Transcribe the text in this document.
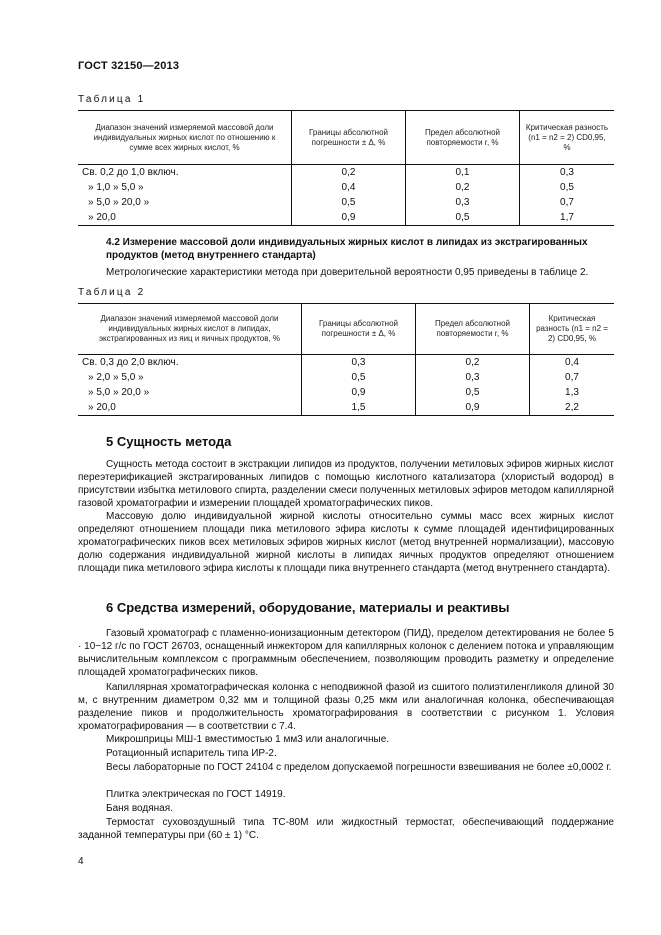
ГОСТ 32150—2013
Таблица 1
Диапазон значений измеряемой массовой доли индивидуальных жирных кислот по отношению к сумме всех жирных кислот, %	Границы абсолютной погрешности ± Δ, %	Предел абсолютной повторяемости r, %	Критическая разность (n1 = n2 = 2) CD0,95, %
Св. 0,2 до 1,0 включ.	0,2	0,1	0,3
» 1,0 » 5,0 »	0,4	0,2	0,5
» 5,0 » 20,0 »	0,5	0,3	0,7
» 20,0	0,9	0,5	1,7

4.2 Измерение массовой доли индивидуальных жирных кислот в липидах из экстрагированных продуктов (метод внутреннего стандарта)

Метрологические характеристики метода при доверительной вероятности 0,95 приведены в таблице 2.

Таблица 2
Диапазон значений измеряемой массовой доли индивидуальных жирных кислот в липидах, экстрагированных из яиц и яичных продуктов, %	Границы абсолютной погрешности ± Δ, %	Предел абсолютной повторяемости r, %	Критическая разность (n1 = n2 = 2) CD0,95, %
Св. 0,3 до 2,0 включ.	0,3	0,2	0,4
» 2,0 » 5,0 »	0,5	0,3	0,7
» 5,0 » 20,0 »	0,9	0,5	1,3
» 20,0	1,5	0,9	2,2
5 Сущность метода

Сущность метода состоит в экстракции липидов из продуктов, получении метиловых эфиров жирных кислот переэтерификацией экстрагированных липидов с помощью кислотного катализатора (хлористый водород) в присутствии избытка метилового спирта, разделении смеси полученных метиловых эфиров методом капиллярной газовой хроматографии и измерении площадей хроматографических пиков.

Массовую долю индивидуальной жирной кислоты относительно суммы масс всех жирных кислот определяют отношением площади пика метилового эфира кислоты к сумме площадей идентифицированных хроматографических пиков всех метиловых эфиров жирных кислот (метод внутренней нормализации), массовую долю содержания индивидуальной жирной кислоты в липидах яичных продуктов определяют отношением площади пика метилового эфира кислоты к площади пика внутреннего стандарта (метод внутреннего стандарта).

6 Средства измерений, оборудование, материалы и реактивы

Газовый хроматограф с пламенно-ионизационным детектором (ПИД), пределом детектирования не более 5 · 10−12 г/с по ГОСТ 26703, оснащенный инжектором для капиллярных колонок с делением потока и управляющим вычислительным комплексом с программным обеспечением, позволяющим проводить разметку и определение площадей хроматографических пиков.

Капиллярная хроматографическая колонка с неподвижной фазой из сшитого полиэтиленгликоля длиной 30 м, с внутренним диаметром 0,32 мм и толщиной фазы 0,25 мкм или аналогичная колонка, обеспечивающая разделение пиков и продолжительность хроматографирования в соответствии с рисунком 1. Условия хроматографирования — в соответствии с 7.4.

Микрошприцы МШ-1 вместимостью 1 мм3 или аналогичные.

Ротационный испаритель типа ИР-2.

Весы лабораторные по ГОСТ 24104 с пределом допускаемой погрешности взвешивания не более ±0,0002 г.

Плитка электрическая по ГОСТ 14919.

Баня водяная.

Термостат суховоздушный типа ТС-80М или жидкостный термостат, обеспечивающий поддержание заданной температуры при (60 ± 1) °С.

4
